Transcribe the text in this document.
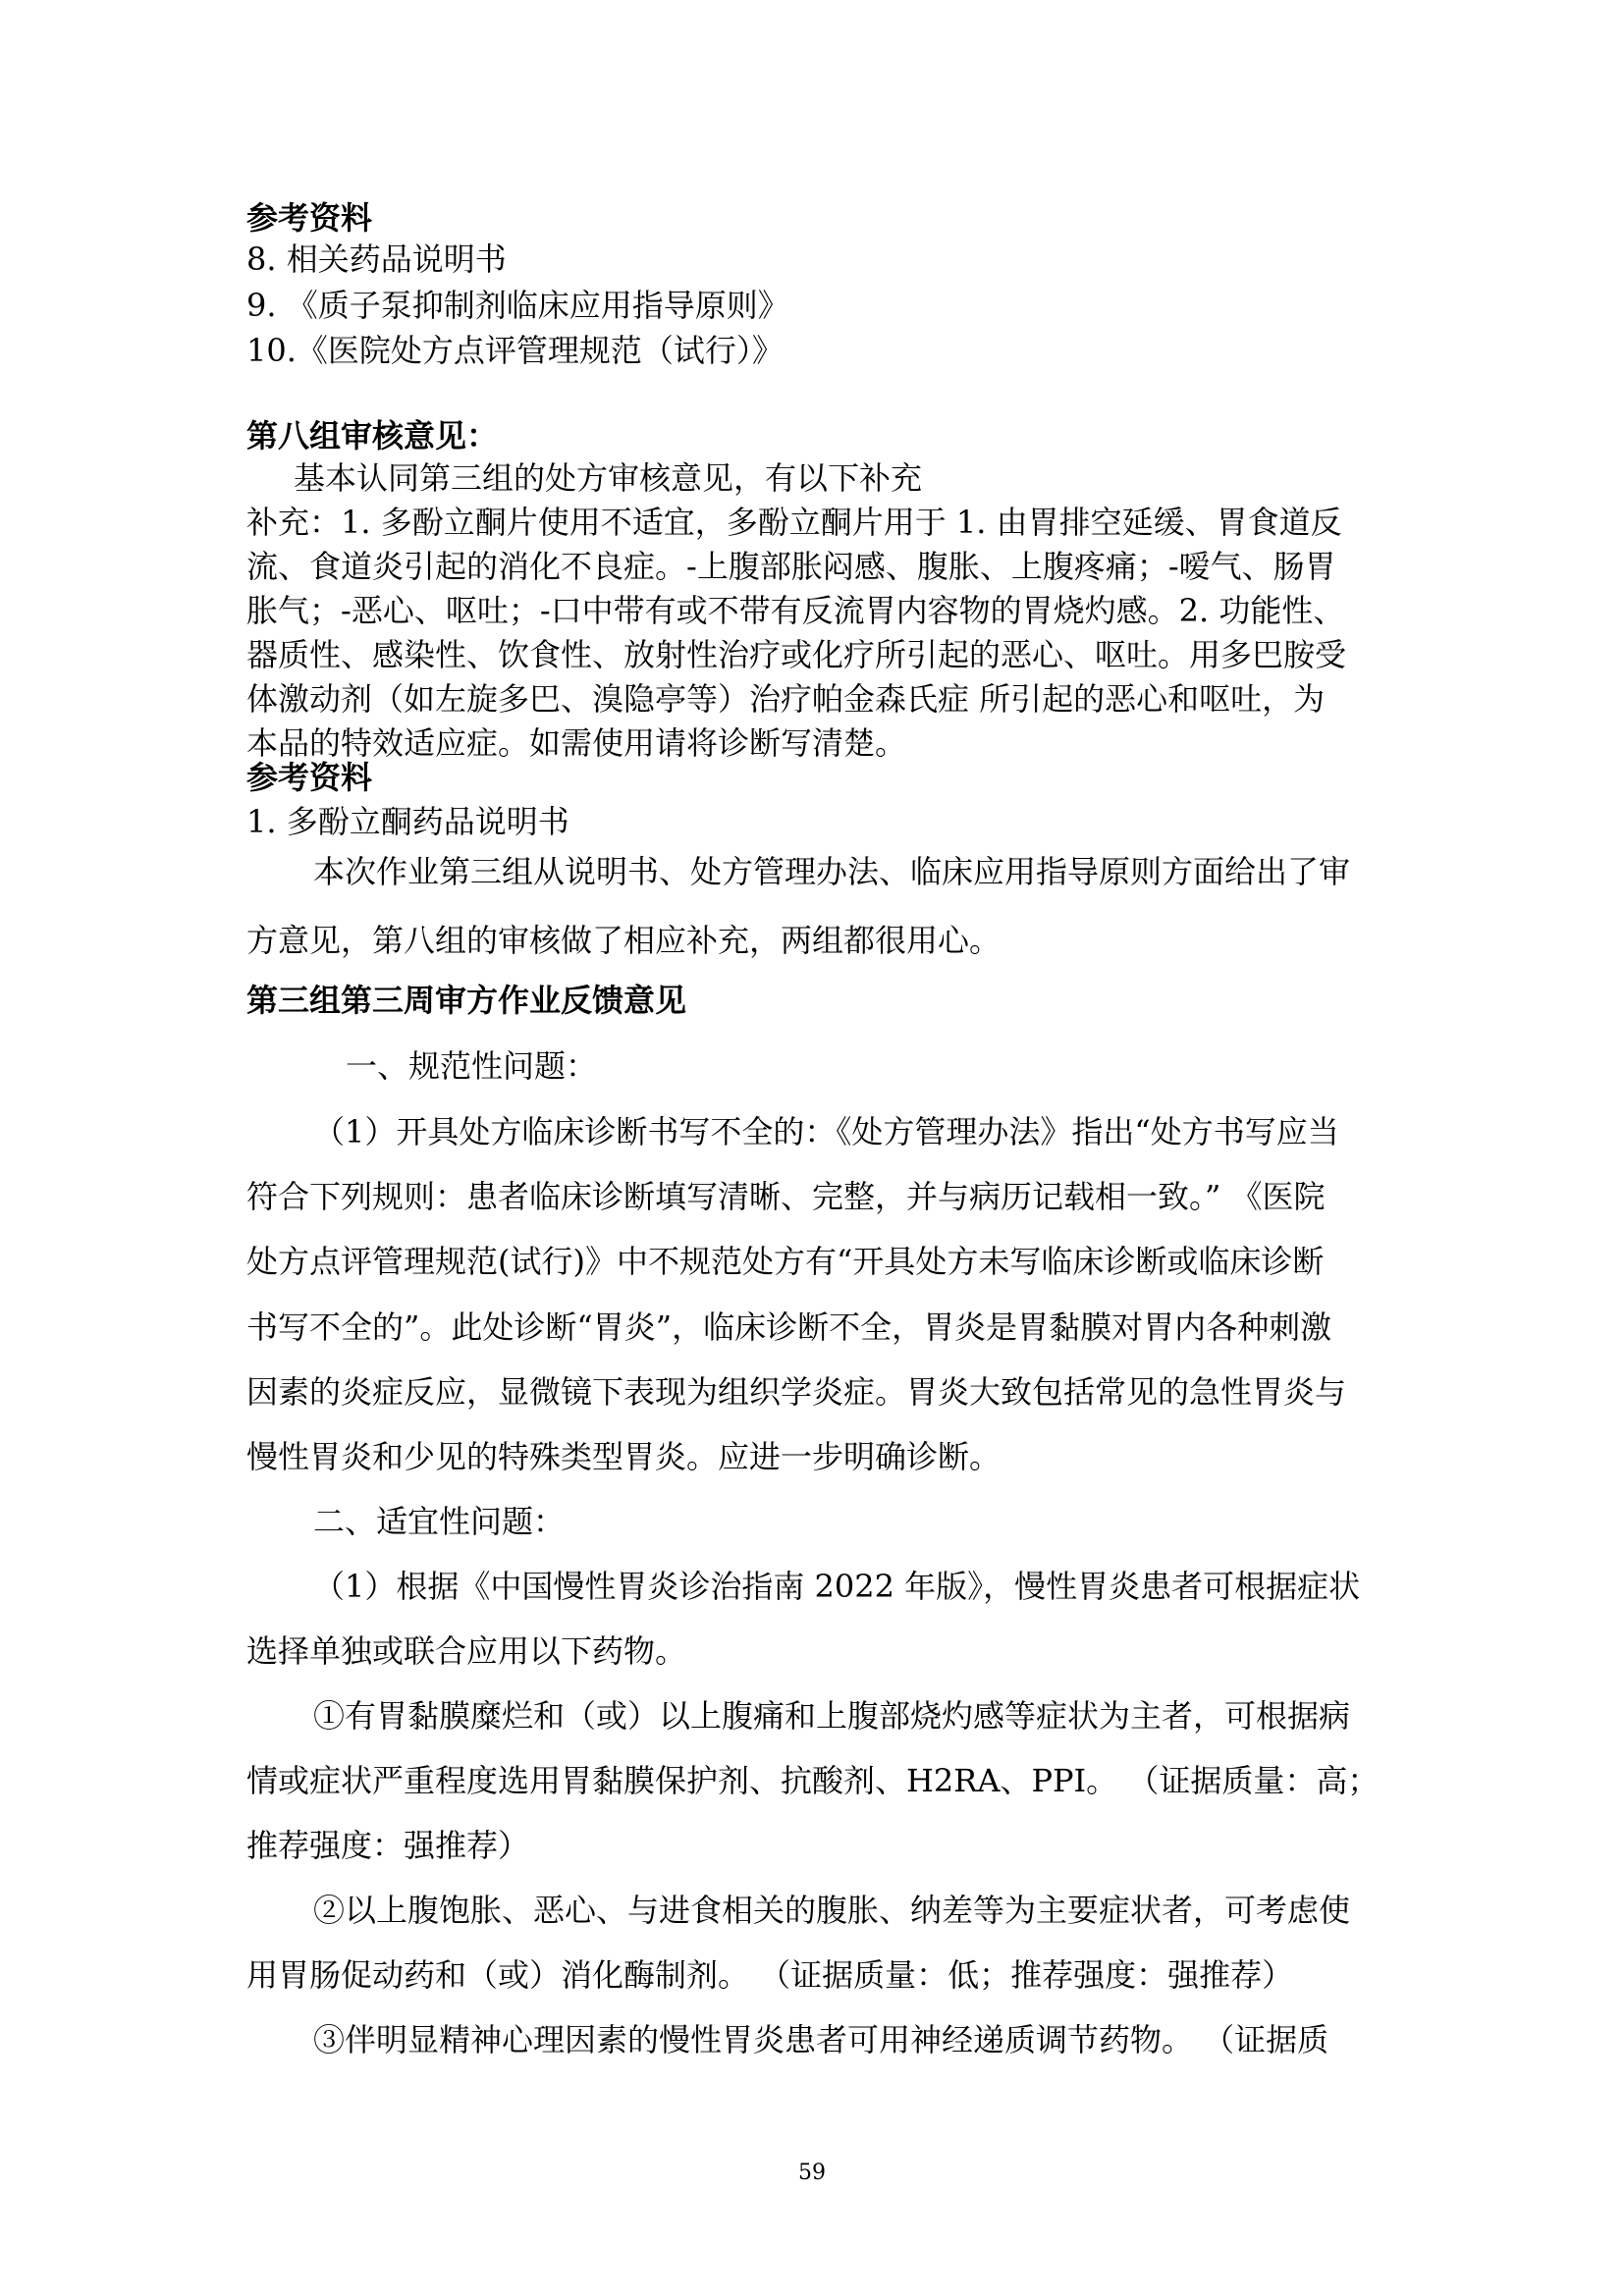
参考资料
8. 相关药品说明书
9. 《质子泵抑制剂临床应用指导原则》
10.《医院处方点评管理规范（试行）》
第八组审核意见：
基本认同第三组的处方审核意见，有以下补充
补充：1. 多酚立酮片使用不适宜，多酚立酮片用于 1. 由胃排空延缓、胃食道反
流、食道炎引起的消化不良症。-上腹部胀闷感、腹胀、上腹疼痛；-嗳气、肠胃
胀气；-恶心、呕吐；-口中带有或不带有反流胃内容物的胃烧灼感。2. 功能性、
器质性、感染性、饮食性、放射性治疗或化疗所引起的恶心、呕吐。用多巴胺受
体激动剂（如左旋多巴、溴隐亭等）治疗帕金森氏症 所引起的恶心和呕吐，为
本品的特效适应症。如需使用请将诊断写清楚。
参考资料
1. 多酚立酮药品说明书
本次作业第三组从说明书、处方管理办法、临床应用指导原则方面给出了审
方意见，第八组的审核做了相应补充，两组都很用心。
第三组第三周审方作业反馈意见
一、规范性问题：
（1）开具处方临床诊断书写不全的：《处方管理办法》指出“处方书写应当
符合下列规则：患者临床诊断填写清晰、完整，并与病历记载相一致。” 《医院
处方点评管理规范(试行)》中不规范处方有“开具处方未写临床诊断或临床诊断
书写不全的”。此处诊断“胃炎”，临床诊断不全，胃炎是胃黏膜对胃内各种刺激
因素的炎症反应，显微镜下表现为组织学炎症。胃炎大致包括常见的急性胃炎与
慢性胃炎和少见的特殊类型胃炎。应进一步明确诊断。
二、适宜性问题：
（1）根据《中国慢性胃炎诊治指南 2022 年版》，慢性胃炎患者可根据症状
选择单独或联合应用以下药物。
①有胃黏膜糜烂和（或）以上腹痛和上腹部烧灼感等症状为主者，可根据病
情或症状严重程度选用胃黏膜保护剂、抗酸剂、H2RA、PPI。 （证据质量：高；
推荐强度：强推荐）
②以上腹饱胀、恶心、与进食相关的腹胀、纳差等为主要症状者，可考虑使
用胃肠促动药和（或）消化酶制剂。 （证据质量：低；推荐强度：强推荐）
③伴明显精神心理因素的慢性胃炎患者可用神经递质调节药物。 （证据质
59
